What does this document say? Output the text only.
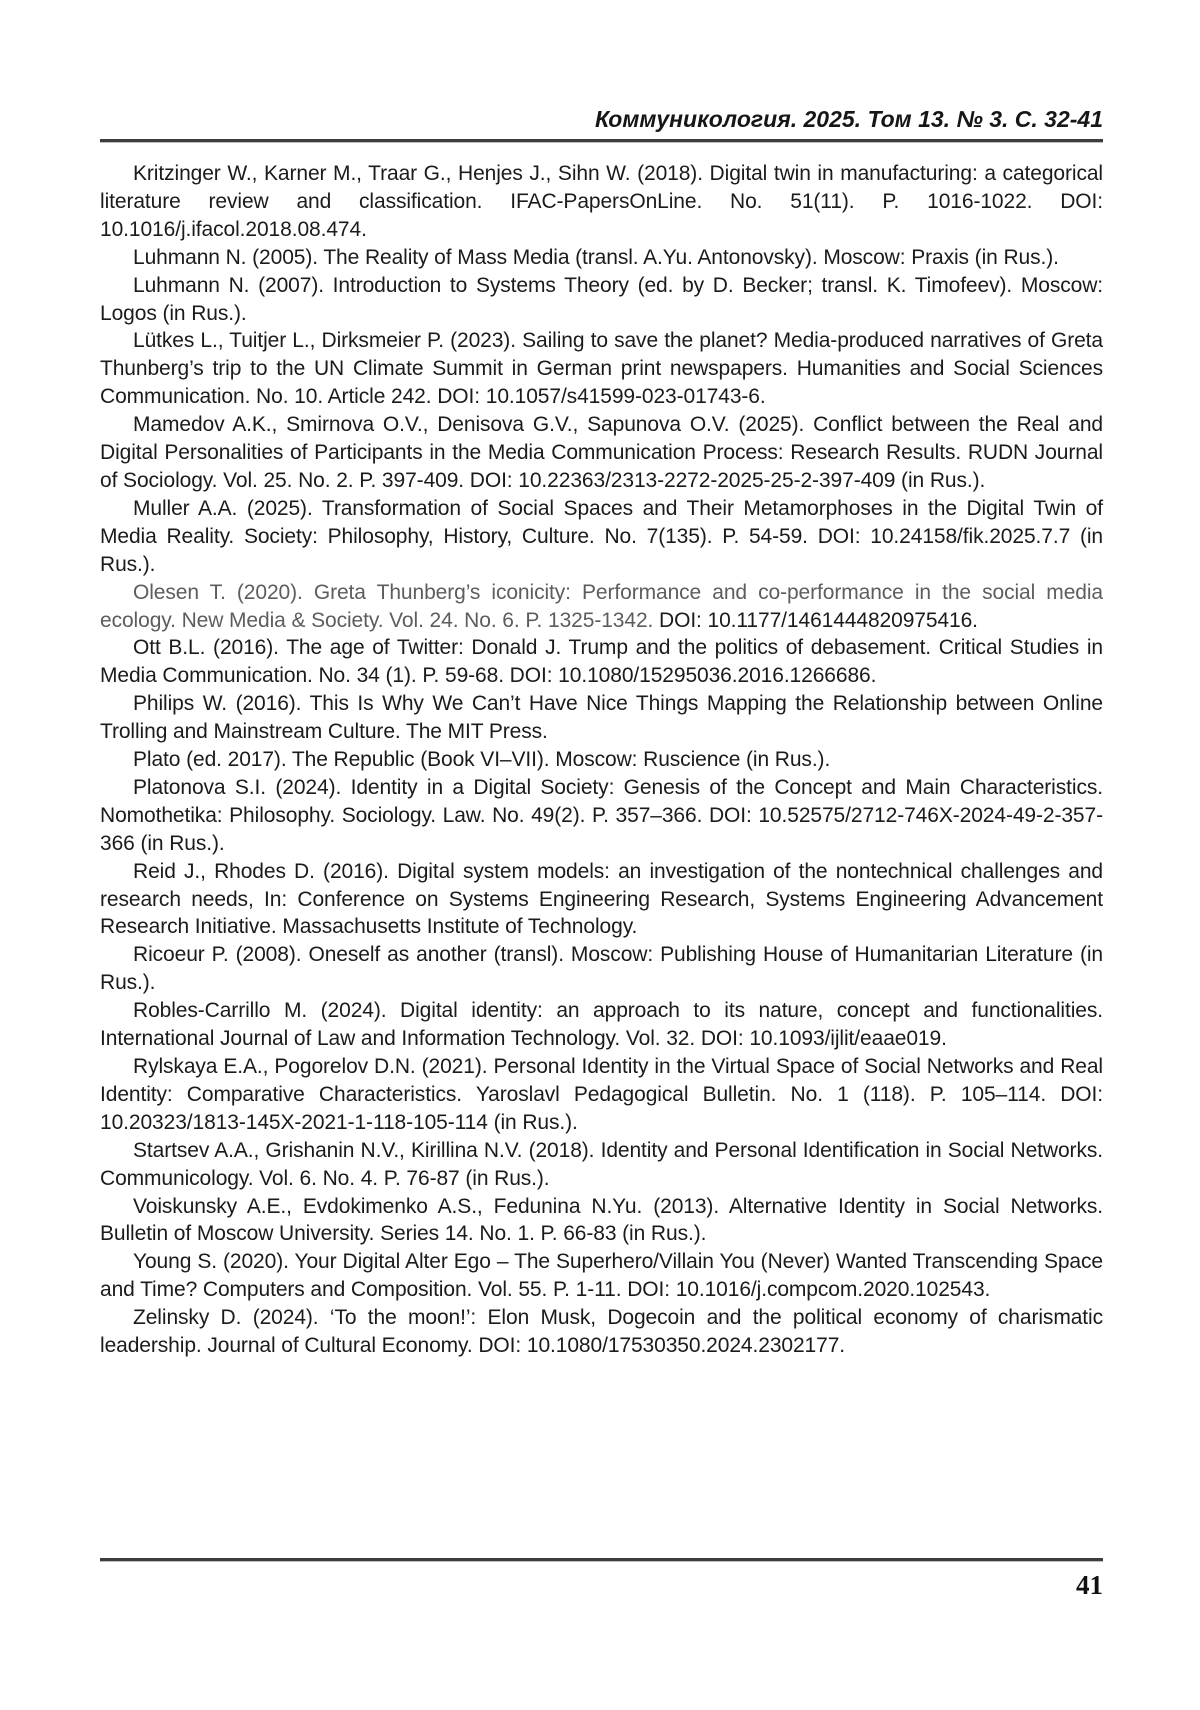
Коммуникология. 2025. Том 13. № 3. С. 32-41

Kritzinger W., Karner M., Traar G., Henjes J., Sihn W. (2018). Digital twin in manufacturing: a categorical literature review and classification. IFAC-PapersOnLine. No. 51(11). P. 1016-1022. DOI: 10.1016/j.ifacol.2018.08.474.

Luhmann N. (2005). The Reality of Mass Media (transl. A.Yu. Antonovsky). Moscow: Praxis (in Rus.).

Luhmann N. (2007). Introduction to Systems Theory (ed. by D. Becker; transl. K. Timofeev). Moscow: Logos (in Rus.).

Lütkes L., Tuitjer L., Dirksmeier P. (2023). Sailing to save the planet? Media-produced narratives of Greta Thunberg’s trip to the UN Climate Summit in German print newspapers. Humanities and Social Sciences Communication. No. 10. Article 242. DOI: 10.1057/s41599-023-01743-6.

Mamedov A.K., Smirnova O.V., Denisova G.V., Sapunova O.V. (2025). Conflict between the Real and Digital Personalities of Participants in the Media Communication Process: Research Results. RUDN Journal of Sociology. Vol. 25. No. 2. P. 397-409. DOI: 10.22363/2313-2272-2025-25-2-397-409 (in Rus.).

Muller A.A. (2025). Transformation of Social Spaces and Their Metamorphoses in the Digital Twin of Media Reality. Society: Philosophy, History, Culture. No. 7(135). P. 54-59. DOI: 10.24158/fik.2025.7.7 (in Rus.).

Olesen T. (2020). Greta Thunberg’s iconicity: Performance and co-performance in the social media ecology. New Media & Society. Vol. 24. No. 6. P. 1325-1342. DOI: 10.1177/1461444820975416.

Ott B.L. (2016). The age of Twitter: Donald J. Trump and the politics of debasement. Critical Studies in Media Communication. No. 34 (1). P. 59-68. DOI: 10.1080/15295036.2016.1266686.

Philips W. (2016). This Is Why We Can’t Have Nice Things Mapping the Relationship between Online Trolling and Mainstream Culture. The MIT Press.

Plato (ed. 2017). The Republic (Book VI–VII). Moscow: Ruscience (in Rus.).

Platonova S.I. (2024). Identity in a Digital Society: Genesis of the Concept and Main Characteristics. Nomothetika: Philosophy. Sociology. Law. No. 49(2). P. 357–366. DOI: 10.52575/2712-746X-2024-49-2-357-366 (in Rus.).

Reid J., Rhodes D. (2016). Digital system models: an investigation of the nontechnical challenges and research needs, In: Conference on Systems Engineering Research, Systems Engineering Advancement Research Initiative. Massachusetts Institute of Technology.

Ricoeur P. (2008). Oneself as another (transl). Moscow: Publishing House of Humanitarian Literature (in Rus.).

Robles-Carrillo M. (2024). Digital identity: an approach to its nature, concept and functionalities. International Journal of Law and Information Technology. Vol. 32. DOI: 10.1093/ijlit/eaae019.

Rylskaya E.A., Pogorelov D.N. (2021). Personal Identity in the Virtual Space of Social Networks and Real Identity: Comparative Characteristics. Yaroslavl Pedagogical Bulletin. No. 1 (118). P. 105–114. DOI: 10.20323/1813-145X-2021-1-118-105-114 (in Rus.).

Startsev A.A., Grishanin N.V., Kirillina N.V. (2018). Identity and Personal Identification in Social Networks. Communicology. Vol. 6. No. 4. P. 76-87 (in Rus.).

Voiskunsky A.E., Evdokimenko A.S., Fedunina N.Yu. (2013). Alternative Identity in Social Networks. Bulletin of Moscow University. Series 14. No. 1. P. 66-83 (in Rus.).

Young S. (2020). Your Digital Alter Ego – The Superhero/Villain You (Never) Wanted Transcending Space and Time? Computers and Composition. Vol. 55. P. 1-11. DOI: 10.1016/j.compcom.2020.102543.

Zelinsky D. (2024). ‘To the moon!’: Elon Musk, Dogecoin and the political economy of charismatic leadership. Journal of Cultural Economy. DOI: 10.1080/17530350.2024.2302177.

41
